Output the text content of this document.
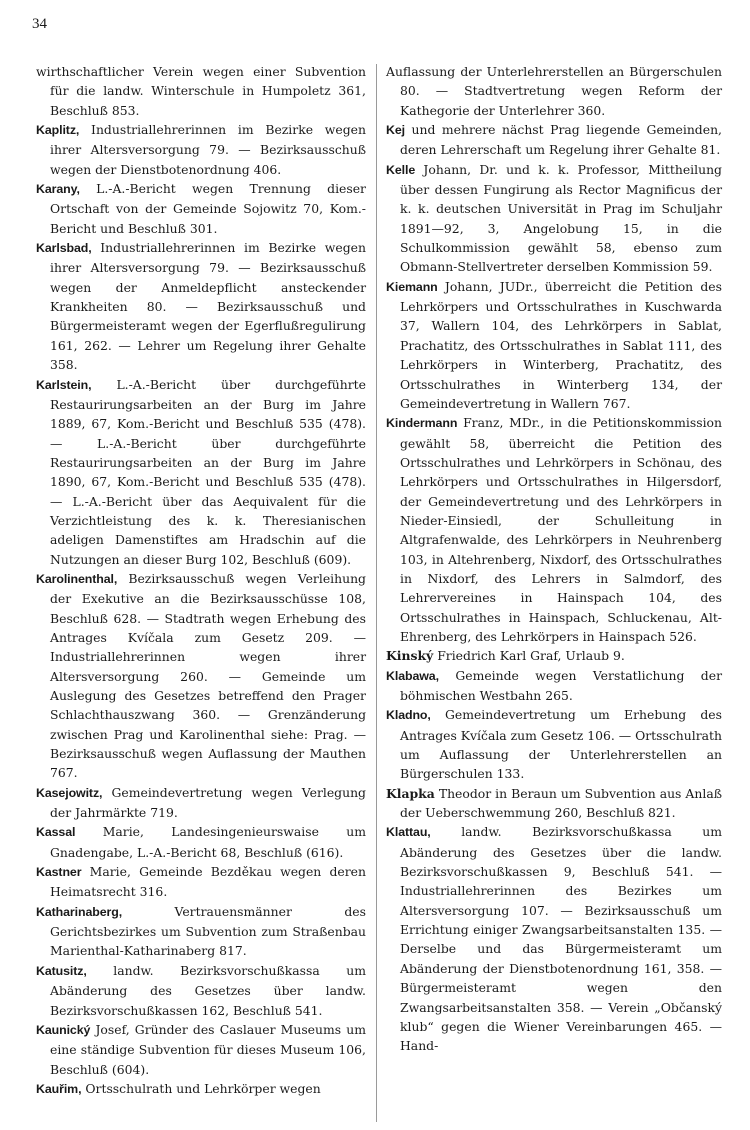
34

wirthschaftlicher Verein wegen einer Subvention für die landw. Winterschule in Humpoletz 361, Beschluß 853.

Kaplitz, Industriallehrerinnen im Bezirke wegen ihrer Altersversorgung 79. — Bezirksausschuß wegen der Dienstbotenordnung 406.

Karany, L.-A.-Bericht wegen Trennung dieser Ortschaft von der Gemeinde Sojowitz 70, Kom.-Bericht und Beschluß 301.

Karlsbad, Industriallehrerinnen im Bezirke wegen ihrer Altersversorgung 79. — Bezirksausschuß wegen der Anmeldepflicht ansteckender Krankheiten 80. — Bezirksausschuß und Bürgermeisteramt wegen der Egerflußregulirung 161, 262. — Lehrer um Regelung ihrer Gehalte 358.

Karlstein, L.-A.-Bericht über durchgeführte Restaurirungsarbeiten an der Burg im Jahre 1889, 67, Kom.-Bericht und Beschluß 535 (478). — L.-A.-Bericht über durchgeführte Restaurirungsarbeiten an der Burg im Jahre 1890, 67, Kom.-Bericht und Beschluß 535 (478). — L.-A.-Bericht über das Aequivalent für die Verzichtleistung des k. k. Theresianischen adeligen Damenstiftes am Hradschin auf die Nutzungen an dieser Burg 102, Beschluß (609).

Karolinenthal, Bezirksausschuß wegen Verleihung der Exekutive an die Bezirksausschüsse 108, Beschluß 628. — Stadtrath wegen Erhebung des Antrages Kvíčala zum Gesetz 209. — Industriallehrerinnen wegen ihrer Altersversorgung 260. — Gemeinde um Auslegung des Gesetzes betreffend den Prager Schlachthauszwang 360. — Grenzänderung zwischen Prag und Karolinenthal siehe: Prag. — Bezirksausschuß wegen Auflassung der Mauthen 767.

Kasejowitz, Gemeindevertretung wegen Verlegung der Jahrmärkte 719.

Kassal Marie, Landesingenieurswaise um Gnadengabe, L.-A.-Bericht 68, Beschluß (616).

Kastner Marie, Gemeinde Bezděkau wegen deren Heimatsrecht 316.

Katharinaberg,	Vertrauensmänner des Gerichtsbezirkes um Subvention zum Straßenbau Marienthal-Katharinaberg 817.

Katusitz, landw. Bezirksvorschußkassa um Abänderung des Gesetzes über landw. Bezirksvorschußkassen 162, Beschluß 541.

Kaunický Josef, Gründer des Caslauer Museums um eine ständige Subvention für dieses Museum 106, Beschluß (604).

Kauřim, Ortsschulrath und Lehrkörper wegen

Auflassung der Unterlehrerstellen an Bürgerschulen 80. — Stadtvertretung wegen Reform der Kathegorie der Unterlehrer 360.

Kej und mehrere nächst Prag liegende Gemeinden, deren Lehrerschaft um Regelung ihrer Gehalte 81.

Kelle Johann, Dr. und k. k. Professor, Mittheilung über dessen Fungirung als Rector Magnificus der k. k. deutschen Universität in Prag im Schuljahr 1891—92, 3, Angelobung 15, in die Schulkommission gewählt 58, ebenso zum Obmann-Stellvertreter derselben Kommission 59.

Kiemann Johann, JUDr., überreicht die Petition des Lehrkörpers und Ortsschulrathes in Kuschwarda 37, Wallern 104, des Lehrkörpers in Sablat, Prachatitz, des Ortsschulrathes in Sablat 111, des Lehrkörpers in Winterberg, Prachatitz, des Ortsschulrathes in Winterberg 134, der Gemeindevertretung in Wallern 767.

Kindermann Franz, MDr., in die Petitionskommission gewählt 58, überreicht die Petition des Ortsschulrathes und Lehrkörpers in Schönau, des Lehrkörpers und Ortsschulrathes in Hilgersdorf, der Gemeindevertretung und des Lehrkörpers in Nieder-Einsiedl, der Schulleitung in Altgrafenwalde, des Lehrkörpers in Neuhrenberg 103, in Altehrenberg, Nixdorf, des Ortsschulrathes in Nixdorf, des Lehrers in Salmdorf, des Lehrervereines in Hainspach 104, des Ortsschulrathes in Hainspach, Schluckenau, Alt-Ehrenberg, des Lehrkörpers in Hainspach 526.

Kinský Friedrich Karl Graf, Urlaub 9.

Klabawa, Gemeinde wegen Verstatlichung der böhmischen Westbahn 265.

Kladno, Gemeindevertretung um Erhebung des Antrages Kvíčala zum Gesetz 106. — Ortsschulrath um Auflassung der Unterlehrerstellen an Bürgerschulen 133.

Klapka Theodor in Beraun um Subvention aus Anlaß der Ueberschwemmung 260, Beschluß 821.

Klattau, landw. Bezirksvorschußkassa um Abänderung des Gesetzes über die landw. Bezirksvorschußkassen 9, Beschluß 541. — Industriallehrerinnen des Bezirkes um Altersversorgung 107. — Bezirksausschuß um Errichtung einiger Zwangsarbeitsanstalten 135. — Derselbe und das Bürgermeisteramt um Abänderung der Dienstbotenordnung 161, 358. — Bürgermeisteramt wegen den Zwangsarbeitsanstalten 358. — Verein „Občanský klub“ gegen die Wiener Vereinbarungen 465. — Hand-
